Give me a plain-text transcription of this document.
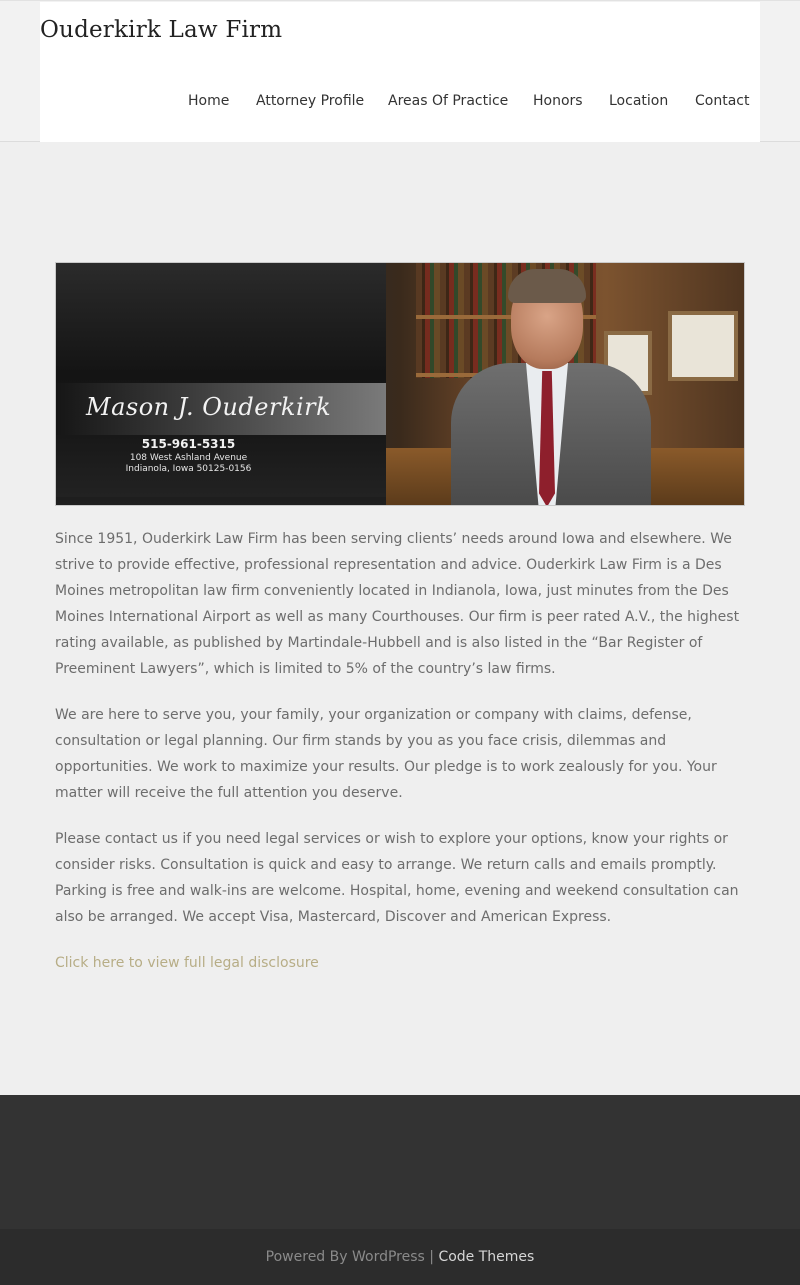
Ouderkirk Law Firm
Home Attorney Profile Areas Of Practice Honors Location Contact
Mason J. Ouderkirk
515-961-5315
108 West Ashland Avenue
Indianola, Iowa 50125-0156

Since 1951, Ouderkirk Law Firm has been serving clients’ needs around Iowa and elsewhere. We strive to provide effective, professional representation and advice. Ouderkirk Law Firm is a Des Moines metropolitan law firm conveniently located in Indianola, Iowa, just minutes from the Des Moines International Airport as well as many Courthouses. Our firm is peer rated A.V., the highest rating available, as published by Martindale-Hubbell and is also listed in the “Bar Register of Preeminent Lawyers”, which is limited to 5% of the country’s law firms.

We are here to serve you, your family, your organization or company with claims, defense, consultation or legal planning. Our firm stands by you as you face crisis, dilemmas and opportunities. We work to maximize your results. Our pledge is to work zealously for you. Your matter will receive the full attention you deserve.

Please contact us if you need legal services or wish to explore your options, know your rights or consider risks. Consultation is quick and easy to arrange. We return calls and emails promptly. Parking is free and walk-ins are welcome. Hospital, home, evening and weekend consultation can also be arranged. We accept Visa, Mastercard, Discover and American Express.

Click here to view full legal disclosure
Powered By WordPress | Code Themes
